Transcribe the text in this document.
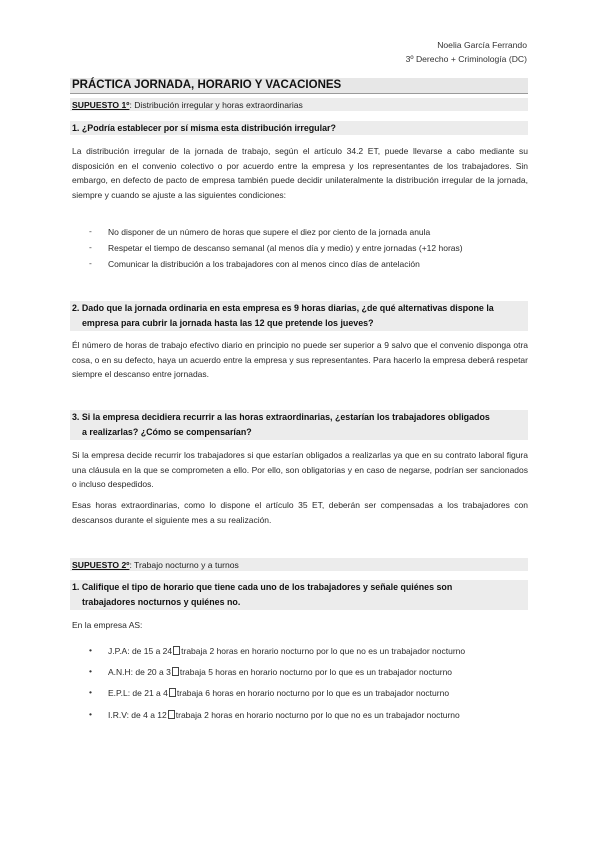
Noelia García Ferrando
3º Derecho + Criminología (DC)
PRÁCTICA JORNADA, HORARIO Y VACACIONES
SUPUESTO 1º: Distribución irregular y horas extraordinarias
1. ¿Podría establecer por sí misma esta distribución irregular?
La distribución irregular de la jornada de trabajo, según el artículo 34.2 ET, puede llevarse a cabo mediante su disposición en el convenio colectivo o por acuerdo entre la empresa y los representantes de los trabajadores. Sin embargo, en defecto de pacto de empresa también puede decidir unilateralmente la distribución irregular de la jornada, siempre y cuando se ajuste a las siguientes condiciones:
- No disponer de un número de horas que supere el diez por ciento de la jornada anula
- Respetar el tiempo de descanso semanal (al menos día y medio) y entre jornadas (+12 horas)
- Comunicar la distribución a los trabajadores con al menos cinco días de antelación
2. Dado que la jornada ordinaria en esta empresa es 9 horas diarias, ¿de qué alternativas dispone la
empresa para cubrir la jornada hasta las 12 que pretende los jueves?
Él número de horas de trabajo efectivo diario en principio no puede ser superior a 9 salvo que el convenio disponga otra cosa, o en su defecto, haya un acuerdo entre la empresa y sus representantes. Para hacerlo la empresa deberá respetar siempre el descanso entre jornadas.
3. Si la empresa decidiera recurrir a las horas extraordinarias, ¿estarían los trabajadores obligados
a realizarlas? ¿Cómo se compensarían?
Si la empresa decide recurrir los trabajadores si que estarían obligados a realizarlas ya que en su contrato laboral figura una cláusula en la que se comprometen a ello. Por ello, son obligatorias y en caso de negarse, podrían ser sancionados o incluso despedidos.
Esas horas extraordinarias, como lo dispone el artículo 35 ET, deberán ser compensadas a los trabajadores con descansos durante el siguiente mes a su realización.
SUPUESTO 2º: Trabajo nocturno y a turnos
1. Califique el tipo de horario que tiene cada uno de los trabajadores y señale quiénes son
trabajadores nocturnos y quiénes no.
En la empresa AS:
• J.P.A: de 15 a 24 trabaja 2 horas en horario nocturno por lo que no es un trabajador nocturno
• A.N.H: de 20 a 3 trabaja 5 horas en horario nocturno por lo que es un trabajador nocturno
• E.P.L: de 21 a 4 trabaja 6 horas en horario nocturno por lo que es un trabajador nocturno
• I.R.V: de 4 a 12 trabaja 2 horas en horario nocturno por lo que no es un trabajador nocturno
